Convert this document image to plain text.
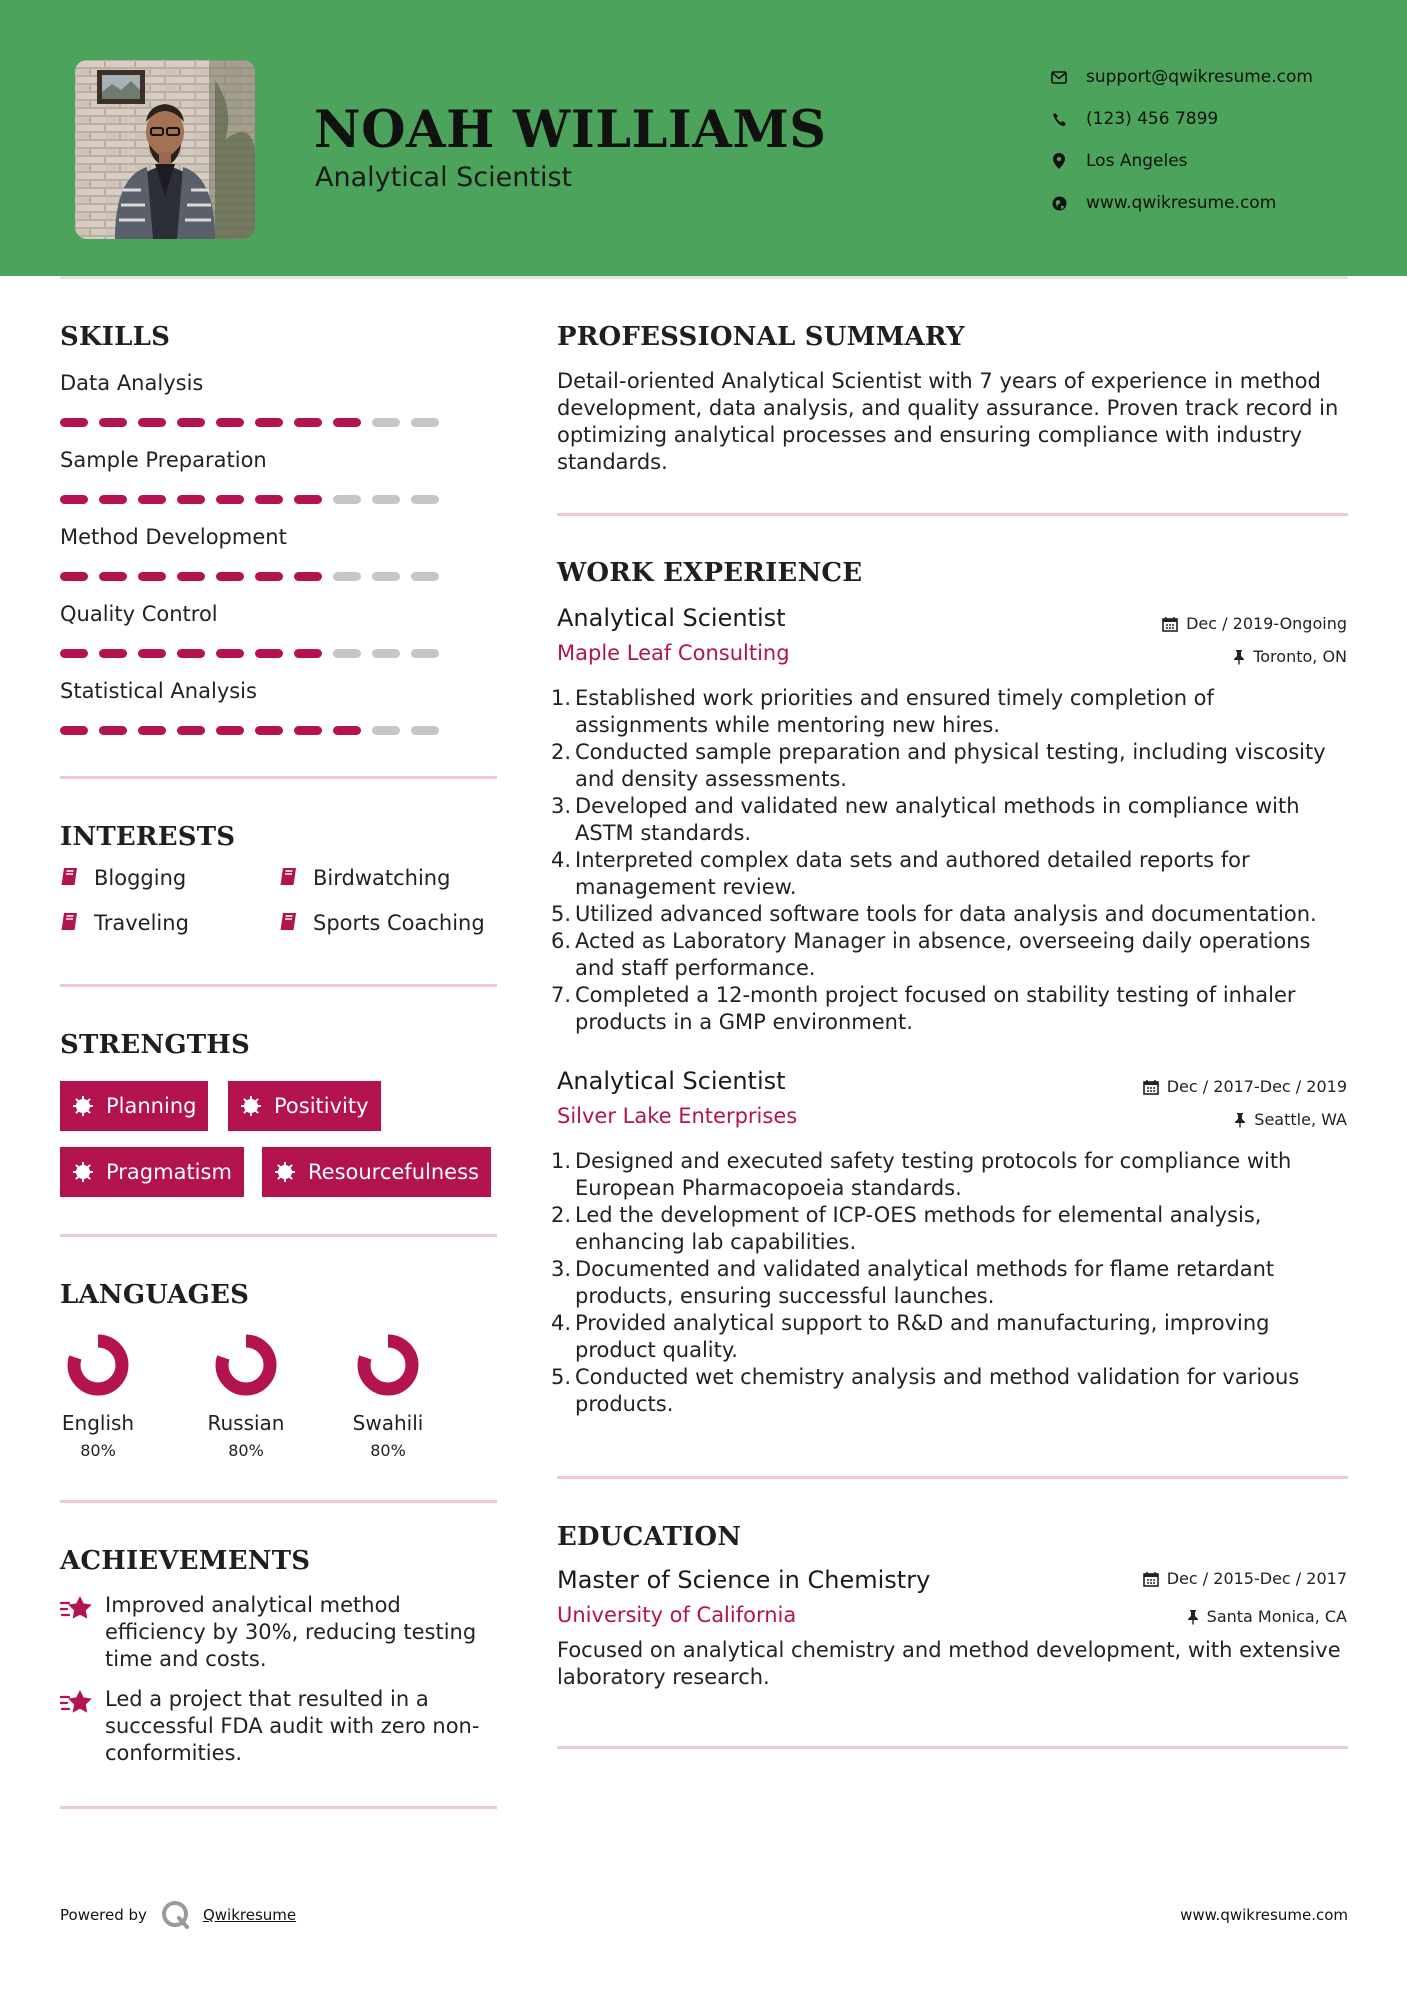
NOAH WILLIAMS
Analytical Scientist
support@qwikresume.com
(123) 456 7899
Los Angeles
www.qwikresume.com
SKILLS
Data Analysis
Sample Preparation
Method Development
Quality Control
Statistical Analysis
INTERESTS
Blogging	Birdwatching
Traveling	Sports Coaching
STRENGTHS
Planning	Positivity
Pragmatism	Resourcefulness
LANGUAGES
English
80%
Russian
80%
Swahili
80%
ACHIEVEMENTS
Improved analytical method efficiency by 30%, reducing testing time and costs.
Led a project that resulted in a successful FDA audit with zero non-conformities.
PROFESSIONAL SUMMARY
Detail-oriented Analytical Scientist with 7 years of experience in method development, data analysis, and quality assurance. Proven track record in optimizing analytical processes and ensuring compliance with industry standards.
WORK EXPERIENCE
Analytical Scientist	Dec / 2019-Ongoing
Maple Leaf Consulting	Toronto, ON
1. Established work priorities and ensured timely completion of assignments while mentoring new hires.
2. Conducted sample preparation and physical testing, including viscosity and density assessments.
3. Developed and validated new analytical methods in compliance with ASTM standards.
4. Interpreted complex data sets and authored detailed reports for management review.
5. Utilized advanced software tools for data analysis and documentation.
6. Acted as Laboratory Manager in absence, overseeing daily operations and staff performance.
7. Completed a 12-month project focused on stability testing of inhaler products in a GMP environment.
Analytical Scientist	Dec / 2017-Dec / 2019
Silver Lake Enterprises	Seattle, WA
1. Designed and executed safety testing protocols for compliance with European Pharmacopoeia standards.
2. Led the development of ICP-OES methods for elemental analysis, enhancing lab capabilities.
3. Documented and validated analytical methods for flame retardant products, ensuring successful launches.
4. Provided analytical support to R&D and manufacturing, improving product quality.
5. Conducted wet chemistry analysis and method validation for various products.
EDUCATION
Master of Science in Chemistry	Dec / 2015-Dec / 2017
University of California	Santa Monica, CA
Focused on analytical chemistry and method development, with extensive laboratory research.
Powered by	Qwikresume	www.qwikresume.com
